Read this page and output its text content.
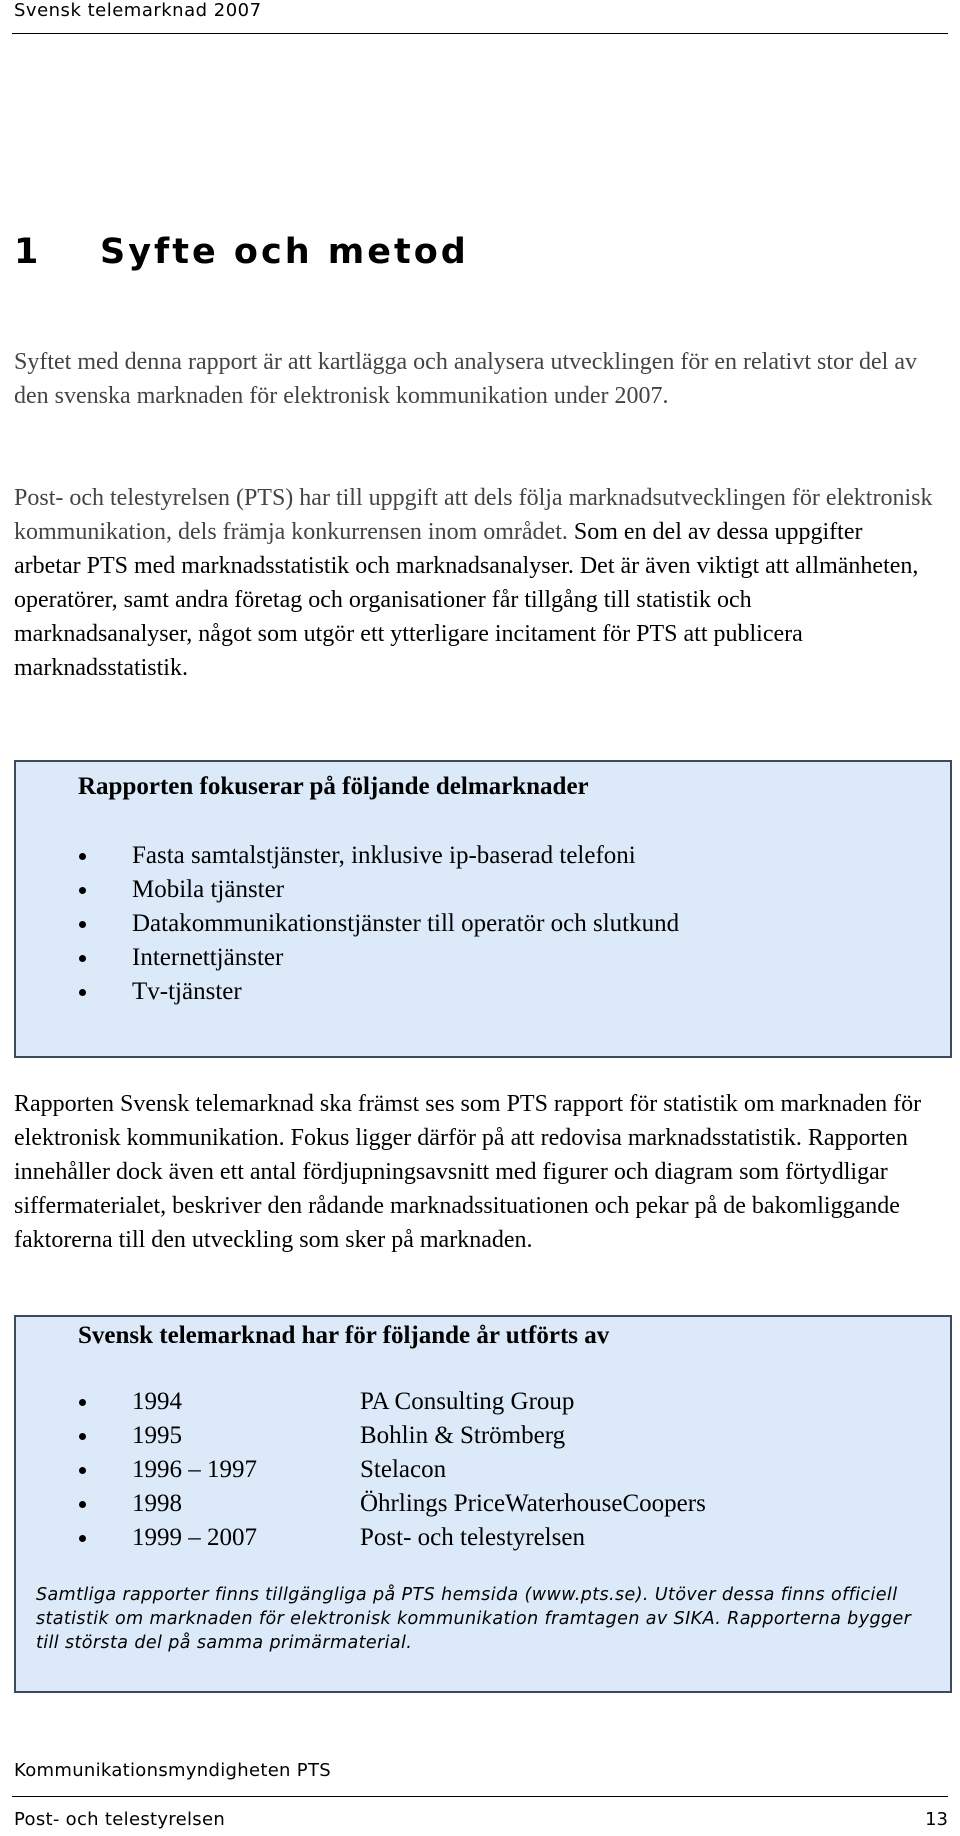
Svensk telemarknad 2007
1 Syfte och metod

Syftet med denna rapport är att kartlägga och analysera utvecklingen för en relativt stor del av den svenska marknaden för elektronisk kommunikation under 2007.

Post- och telestyrelsen (PTS) har till uppgift att dels följa marknadsutvecklingen för elektronisk kommunikation, dels främja konkurrensen inom området. Som en del av dessa uppgifter arbetar PTS med marknadsstatistik och marknadsanalyser. Det är även viktigt att allmänheten, operatörer, samt andra företag och organisationer får tillgång till statistik och marknadsanalyser, något som utgör ett ytterligare incitament för PTS att publicera marknadsstatistik.

Rapporten fokuserar på följande delmarknader
Fasta samtalstjänster, inklusive ip-baserad telefoni
Mobila tjänster
Datakommunikationstjänster till operatör och slutkund
Internettjänster
Tv-tjänster

Rapporten Svensk telemarknad ska främst ses som PTS rapport för statistik om marknaden för elektronisk kommunikation. Fokus ligger därför på att redovisa marknadsstatistik. Rapporten innehåller dock även ett antal fördjupningsavsnitt med figurer och diagram som förtydligar siffermaterialet, beskriver den rådande marknadssituationen och pekar på de bakomliggande faktorerna till den utveckling som sker på marknaden.

Svensk telemarknad har för följande år utförts av
1994	PA Consulting Group
1995	Bohlin & Strömberg
1996 – 1997	Stelacon
1998	Öhrlings PriceWaterhouseCoopers
1999 – 2007	Post- och telestyrelsen

Samtliga rapporter finns tillgängliga på PTS hemsida (www.pts.se). Utöver dessa finns officiell statistik om marknaden för elektronisk kommunikation framtagen av SIKA. Rapporterna bygger till största del på samma primärmaterial.

Kommunikationsmyndigheten PTS
Post- och telestyrelsen	13
